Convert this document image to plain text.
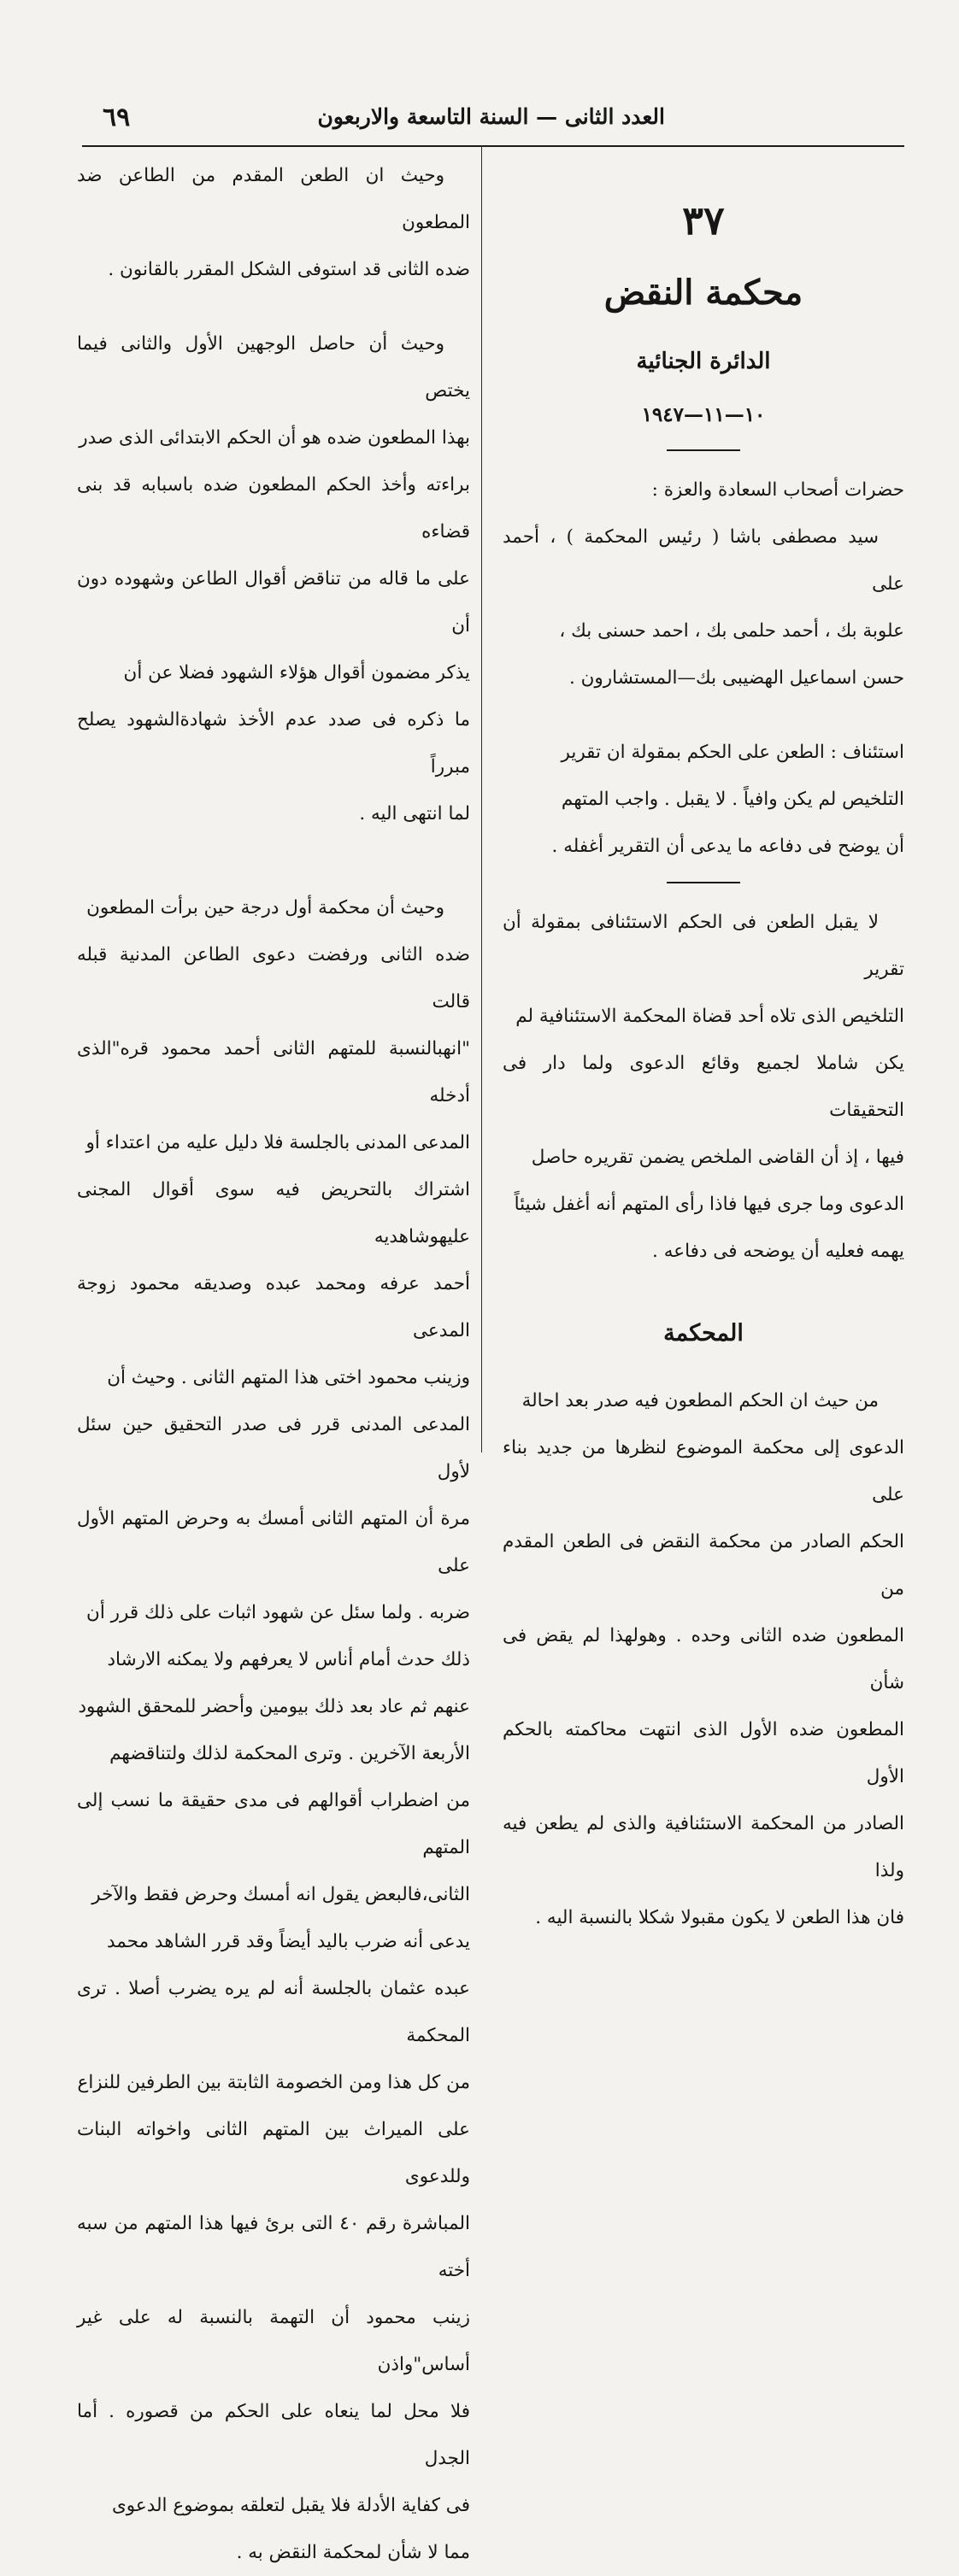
٦٩	العدد الثانى — السنة التاسعة والاربعون

٣٧

محكمة النقض

الدائرة الجنائية

١٠—١١—١٩٤٧

حضرات أصحاب السعادة والعزة :

سيد مصطفى باشا ( رئيس المحكمة ) ، أحمد على

علوبة بك ، أحمد حلمى بك ، احمد حسنى بك ،

حسن اسماعيل الهضيبى بك—المستشارون .

استئناف : الطعن على الحكم بمقولة ان تقرير

التلخيص لم يكن وافياً . لا يقبل . واجب المتهم

أن يوضح فى دفاعه ما يدعى أن التقرير أغفله .

لا يقبل الطعن فى الحكم الاستئنافى بمقولة أن تقرير

التلخيص الذى تلاه أحد قضاة المحكمة الاستئنافية لم

يكن شاملا لجميع وقائع الدعوى ولما دار فى التحقيقات

فيها ، إذ أن القاضى الملخص يضمن تقريره حاصل

الدعوى وما جرى فيها فاذا رأى المتهم أنه أغفل شيئاً

يهمه فعليه أن يوضحه فى دفاعه .

المحكمة

من حيث ان الحكم المطعون فيه صدر بعد احالة

الدعوى إلى محكمة الموضوع لنظرها من جديد بناء على

الحكم الصادر من محكمة النقض فى الطعن المقدم من

المطعون ضده الثانى وحده . وهولهذا لم يقض فى شأن

المطعون ضده الأول الذى انتهت محاكمته بالحكم الأول

الصادر من المحكمة الاستئنافية والذى لم يطعن فيه ولذا

فان هذا الطعن لا يكون مقبولا شكلا بالنسبة اليه .

وحيث ان الطعن المقدم من الطاعن ضد المطعون

ضده الثانى قد استوفى الشكل المقرر بالقانون .

وحيث أن حاصل الوجهين الأول والثانى فيما يختص

بهذا المطعون ضده هو أن الحكم الابتدائى الذى صدر

براءته وأخذ الحكم المطعون ضده باسبابه قد بنى قضاءه

على ما قاله من تناقض أقوال الطاعن وشهوده دون أن

يذكر مضمون أقوال هؤلاء الشهود فضلا عن أن

ما ذكره فى صدد عدم الأخذ شهادةالشهود يصلح مبرراً

لما انتهى اليه .

وحيث أن محكمة أول درجة حين برأت المطعون

ضده الثانى ورفضت دعوى الطاعن المدنية قبله قالت

"انهبالنسبة للمتهم الثانى أحمد محمود قره"الذى أدخله

المدعى المدنى بالجلسة فلا دليل عليه من اعتداء أو

اشتراك بالتحريض فيه سوى أقوال المجنى عليهوشاهديه

أحمد عرفه ومحمد عبده وصديقه محمود زوجة المدعى

وزينب محمود اختى هذا المتهم الثانى . وحيث أن

المدعى المدنى قرر فى صدر التحقيق حين سئل لأول

مرة أن المتهم الثانى أمسك به وحرض المتهم الأول على

ضربه . ولما سئل عن شهود اثبات على ذلك قرر أن

ذلك حدث أمام أناس لا يعرفهم ولا يمكنه الارشاد

عنهم ثم عاد بعد ذلك بيومين وأحضر للمحقق الشهود

الأربعة الآخرين . وترى المحكمة لذلك ولتناقضهم

من اضطراب أقوالهم فى مدى حقيقة ما نسب إلى المتهم

الثانى،فالبعض يقول انه أمسك وحرض فقط والآخر

يدعى أنه ضرب باليد أيضاً وقد قرر الشاهد محمد

عبده عثمان بالجلسة أنه لم يره يضرب أصلا . ترى المحكمة

من كل هذا ومن الخصومة الثابتة بين الطرفين للنزاع

على الميراث بين المتهم الثانى واخواته البنات وللدعوى

المباشرة رقم ٤٠ التى برئ فيها هذا المتهم من سبه أخته

زينب محمود أن التهمة بالنسبة له على غير أساس"واذن

فلا محل لما ينعاه على الحكم من قصوره . أما الجدل

فى كفاية الأدلة فلا يقبل لتعلقه بموضوع الدعوى

مما لا شأن لمحكمة النقض به .
